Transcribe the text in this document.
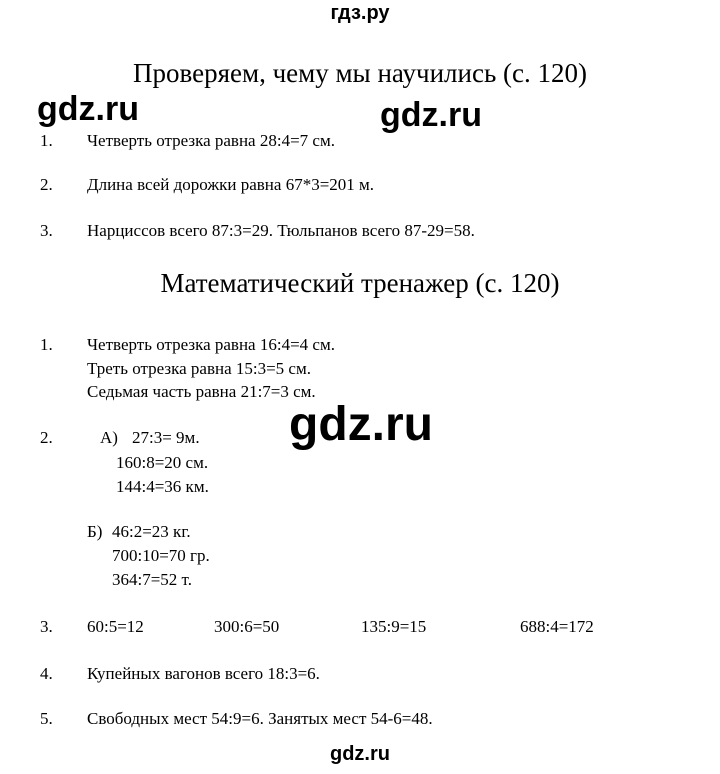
гдз.ру
Проверяем, чему мы научились (с. 120)
gdz.ru	gdz.ru
1. Четверть отрезка равна 28:4=7 см.
2. Длина всей дорожки равна 67*3=201 м.
3. Нарциссов всего 87:3=29. Тюльпанов всего 87-29=58.
Математический тренажер (с. 120)
1. Четверть отрезка равна 16:4=4 см.
Треть отрезка равна 15:3=5 см.
Седьмая часть равна 21:7=3 см.
2.	А) 27:3= 9м.
160:8=20 см.
144:4=36 км.
Б) 46:2=23 кг.
700:10=70 гр.
364:7=52 т.
3. 60:5=12	300:6=50	135:9=15	688:4=172
4. Купейных вагонов всего 18:3=6.
5. Свободных мест 54:9=6. Занятых мест 54-6=48.
gdz.ru
gdz.ru
